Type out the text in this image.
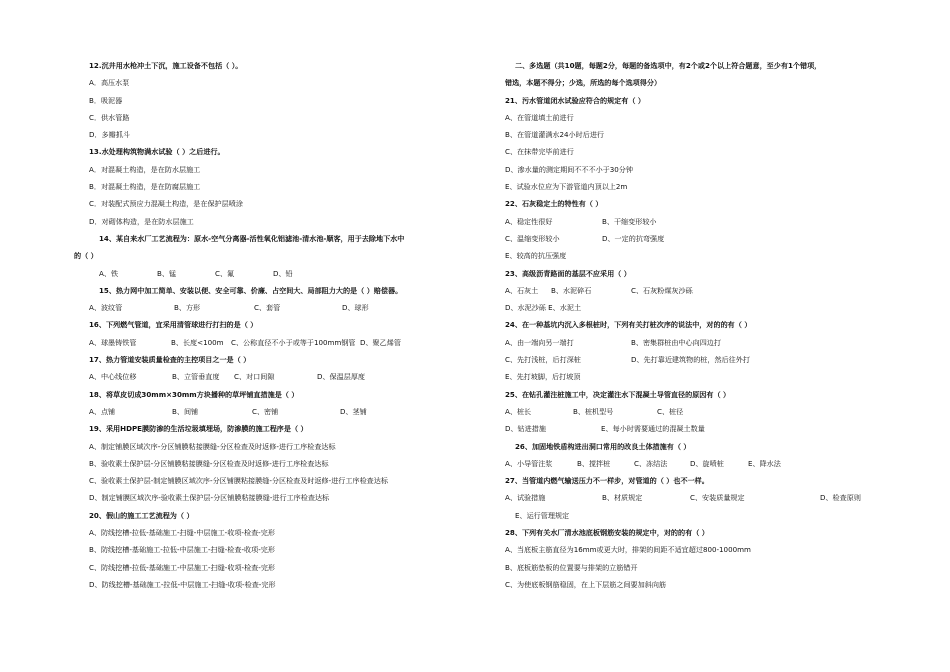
12.沉井用水枪冲土下沉，施工设备不包括（ ）。
A．高压水泵
B．吸泥器
C．供水管路
D．多瓣抓斗
13.水处理构筑物满水试验（ ）之后进行。
A．对混凝土构造，是在防水层施工
B．对混凝土构造，是在防腐层施工
C．对装配式预应力混凝土构造，是在保护层喷涂
D．对砌体构造，是在防水层施工
14、某自来水厂工艺流程为：原水-空气分离器-活性氧化铝滤池-清水池-顺客，用于去除地下水中
的（ ）
A、铁	B、锰	C、氟	D、铅
15、热力网中加工简单、安装以便、安全可靠、价廉、占空间大、局部阻力大的是（ ）赔偿器。
A、波纹管	B、方形	C、套管	D、球形
16、下列燃气管道，宜采用清管球进行打扫的是（ ）
A、球墨铸铁管	B、长度<100m C、公称直径不小于或等于100mm钢管 D、聚乙烯管
17、热力管道安装质量检查的主控项目之一是（ ）
A、中心线位移	B、立管垂直度 C、对口间隙	D、保温层厚度
18、将草皮切成30mm×30mm方块播种的草坪铺直措施是（ ）
A、点铺	B、间铺	C、密铺	D、茎铺
19、采用HDPE膜防渗的生活垃圾填埋场，防渗膜的施工程序是（ ）
A、制定铺膜区域次序-分区铺膜粘接膜缝-分区检查及时返修-进行工序检查达标
B、验收素土保护层-分区铺膜粘接膜缝-分区检查及时返修-进行工序检查达标
C、验收素土保护层-制定铺膜区域次序-分区铺膜粘接膜缝-分区检查及时返修-进行工序检查达标
D、制定铺膜区域次序-验收素土保护层-分区铺膜粘接膜缝-进行工序检查达标
20、假山的施工工艺流程为（ ）
A、防线挖槽-拉低-基础施工-扫缝-中层施工-收项-检查-完形
B、防线挖槽-基础施工-拉低-中层施工-扫缝-检查-收项-完形
C、防线挖槽-拉低-基础施工-中层施工-扫缝-收项-检查-完形
D、防线挖槽-基础施工-拉低-中层施工-扫缝-收项-检查-完形
二、多选题（共10题，每题2分，每题的备选项中，有2个或2个以上符合题意，至少有1个错项，
错选，本题不得分；少选，所选的每个选项得分）
21、污水管道闭水试验应符合的规定有（ ）
A、在管道填土前进行
B、在管道灌满水24小时后进行
C、在抹带完毕前进行
D、渗水量的测定期间不不不小于30分钟
E、试验水位应为下游管道内顶以上2m
22、石灰稳定土的特性有（ ）
A、稳定性很好	B、干缩变形较小
C、温缩变形较小	D、一定的抗弯强度
E、较高的抗压强度
23、高级沥青路面的基层不应采用（ ）
A、石灰土 B、水泥碎石	C、石灰粉煤灰沙砾
D、水泥沙砾 E、水泥土
24、在一种基坑内沉入多根桩时，下列有关打桩次序的说法中，对的的有（ ）
A、由一端向另一端打	B、密集群桩由中心向四边打
C、先打浅桩，后打深桩	D、先打靠近建筑物的桩，然后往外打
E、先打坡脚，后打坡顶
25、在钻孔灌注桩施工中，决定灌注水下混凝土导管直径的原因有（ ）
A、桩长	B、桩机型号	C、桩径
D、钻进措施	E、每小时需要通过的混凝土数量
26、加固地铁盾构进出洞口常用的改良土体措施有（ ）
A、小导管注浆	B、搅拌桩	C、冻结法	D、旋喷桩	E、降水法
27、当管道内燃气输送压力不一样步，对管道的（ ）也不一样。
A、试验措施	B、材质规定	C、安装质量规定	D、检查原则
E、运行管理规定
28、下列有关水厂清水池底板钢筋安装的规定中，对的的有（ ）
A、当底板主筋直径为16mm或更大时，排架的间距不适宜超过800-1000mm
B、底板筋垫板的位置要与排架的立筋错开
C、为使底板钢筋稳固，在上下层筋之间要加斜向筋
